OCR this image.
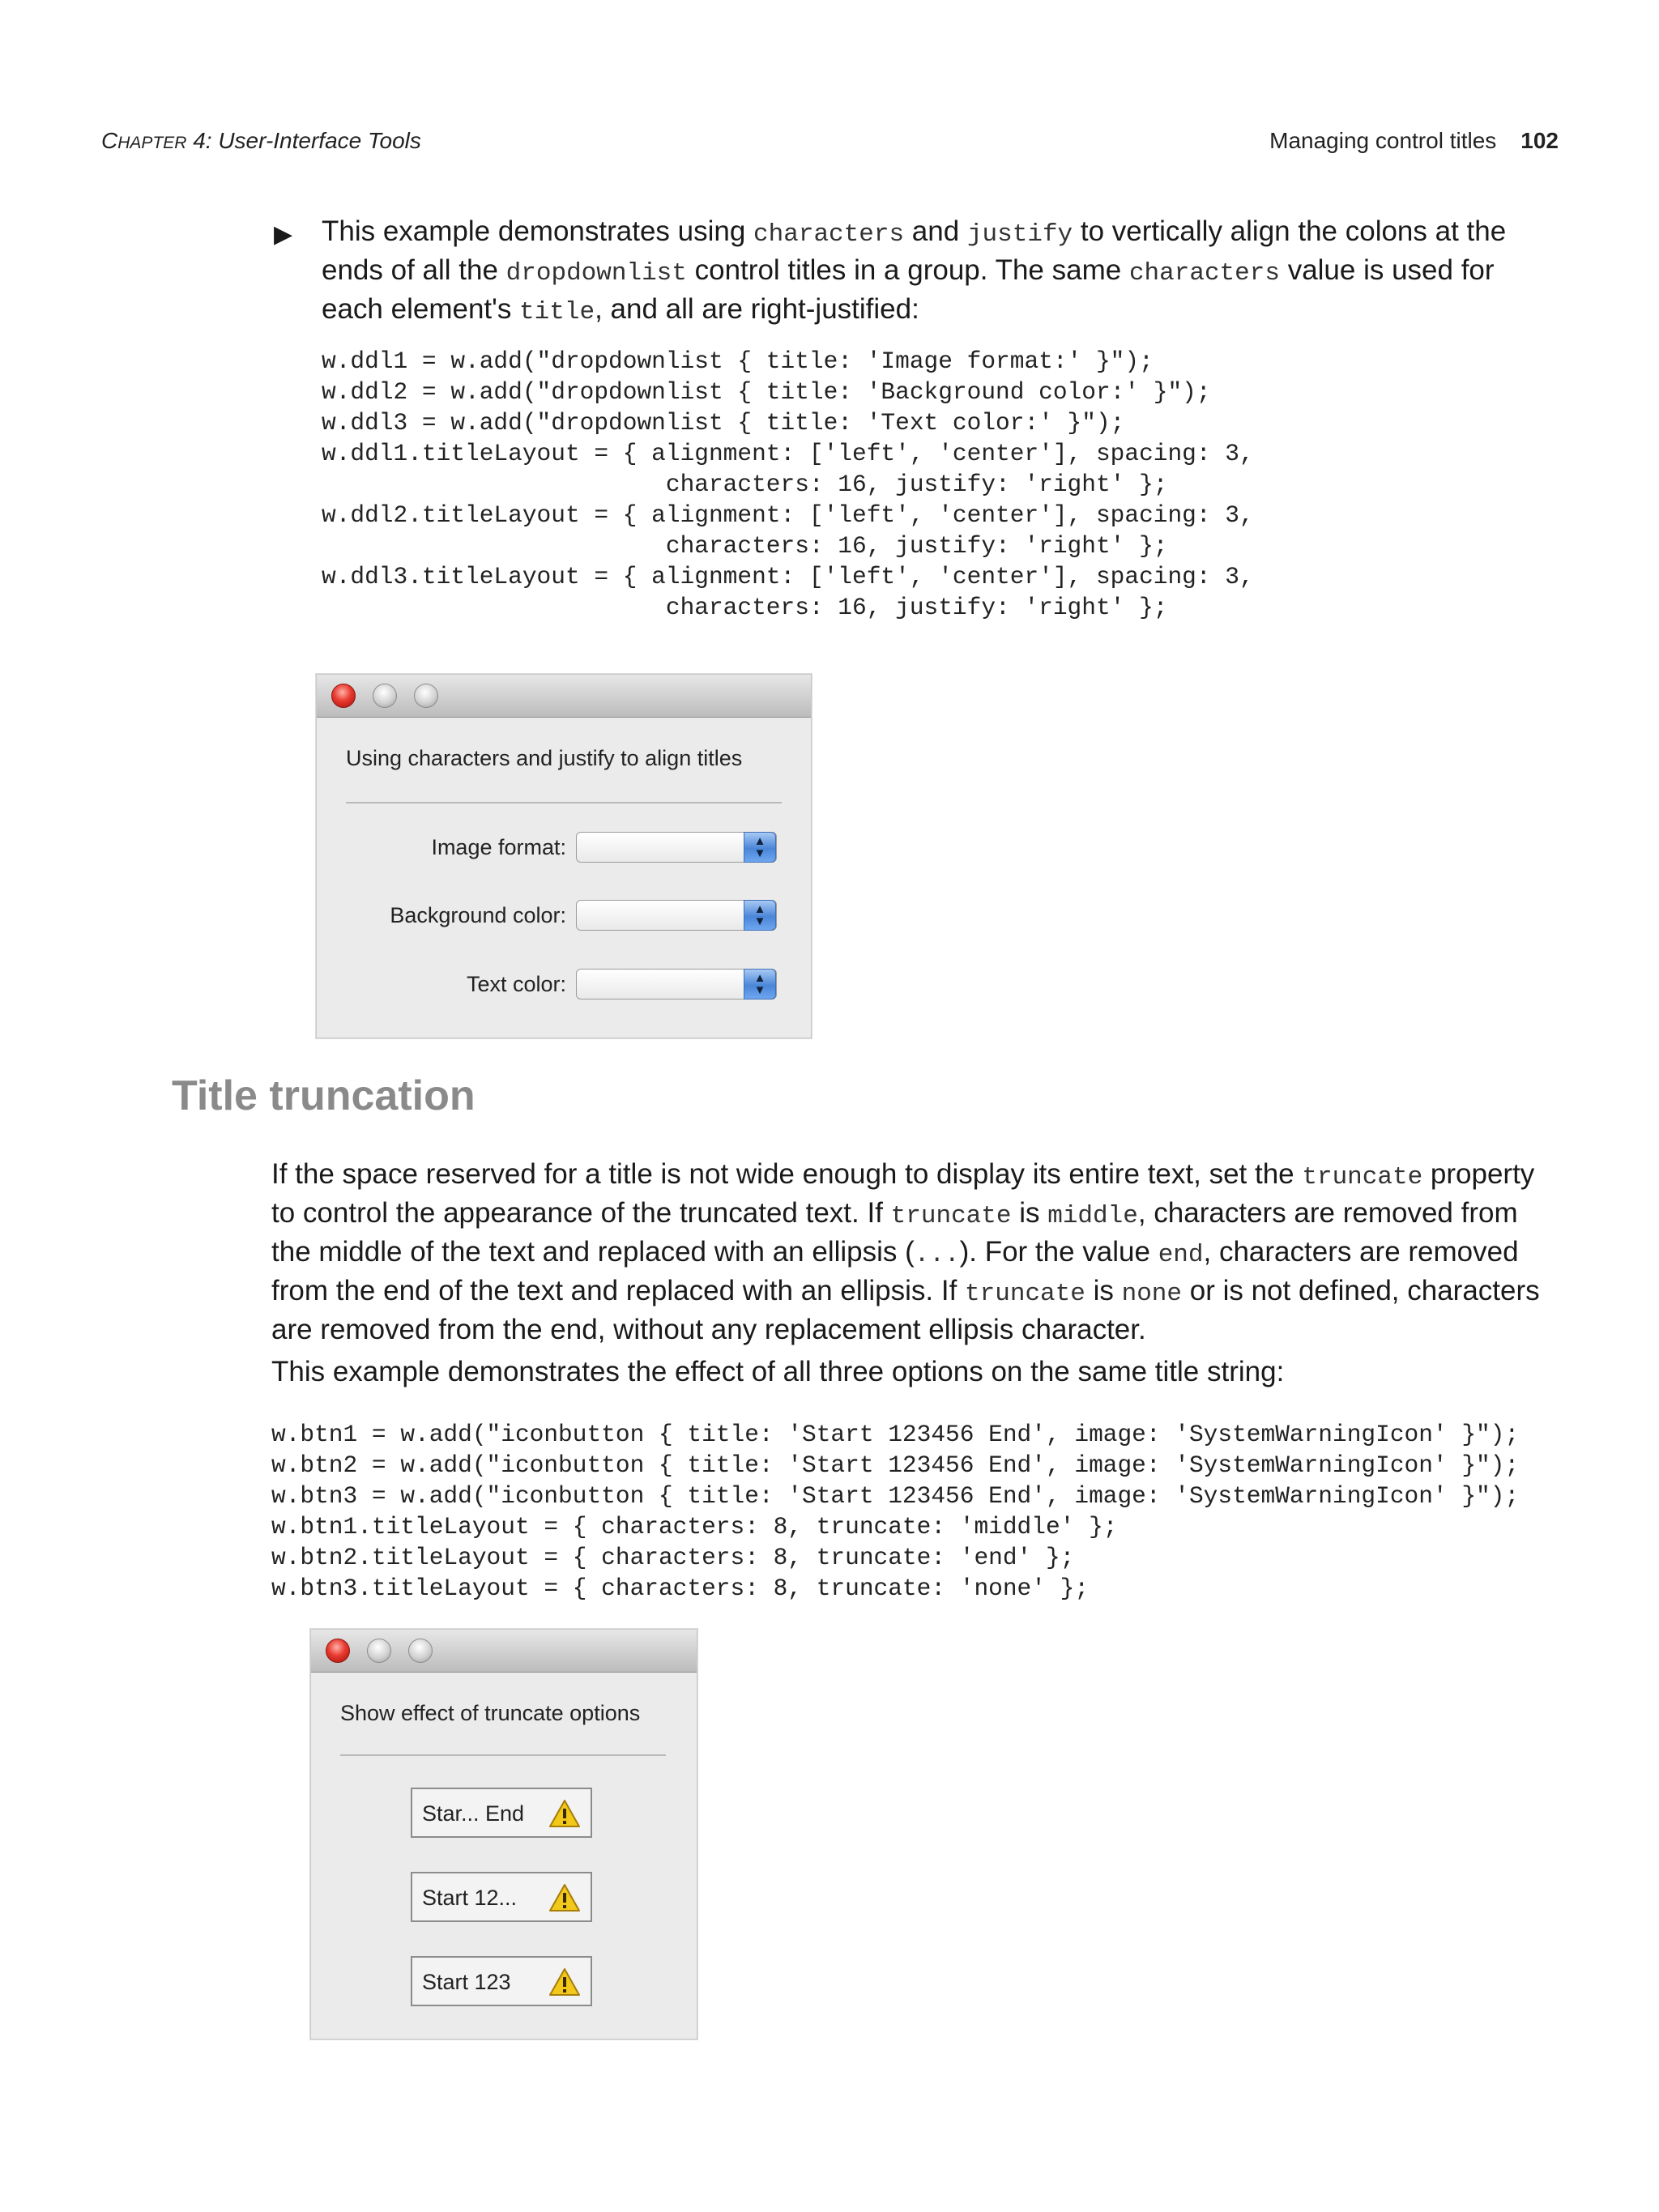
CHAPTER 4: User-Interface Tools	Managing control titles 102
▶ This example demonstrates using characters and justify to vertically align the colons at the ends of all the dropdownlist control titles in a group. The same characters value is used for each element's title, and all are right-justified:
w.ddl1 = w.add("dropdownlist { title: 'Image format:' }");
w.ddl2 = w.add("dropdownlist { title: 'Background color:' }");
w.ddl3 = w.add("dropdownlist { title: 'Text color:' }");
w.ddl1.titleLayout = { alignment: ['left', 'center'], spacing: 3,
characters: 16, justify: 'right' };
w.ddl2.titleLayout = { alignment: ['left', 'center'], spacing: 3,
characters: 16, justify: 'right' };
w.ddl3.titleLayout = { alignment: ['left', 'center'], spacing: 3,
characters: 16, justify: 'right' };
Using characters and justify to align titles
Image format:	▲
▼
Background color:	▲
▼
Text color:	▲
▼
Title truncation
If the space reserved for a title is not wide enough to display its entire text, set the truncate property to control the appearance of the truncated text. If truncate is middle, characters are removed from the middle of the text and replaced with an ellipsis (...). For the value end, characters are removed from the end of the text and replaced with an ellipsis. If truncate is none or is not defined, characters are removed from the end, without any replacement ellipsis character.
This example demonstrates the effect of all three options on the same title string:
w.btn1 = w.add("iconbutton { title: 'Start 123456 End', image: 'SystemWarningIcon' }");
w.btn2 = w.add("iconbutton { title: 'Start 123456 End', image: 'SystemWarningIcon' }");
w.btn3 = w.add("iconbutton { title: 'Start 123456 End', image: 'SystemWarningIcon' }");
w.btn1.titleLayout = { characters: 8, truncate: 'middle' };
w.btn2.titleLayout = { characters: 8, truncate: 'end' };
w.btn3.titleLayout = { characters: 8, truncate: 'none' };
Show effect of truncate options
Star... End
Start 12...
Start 123
